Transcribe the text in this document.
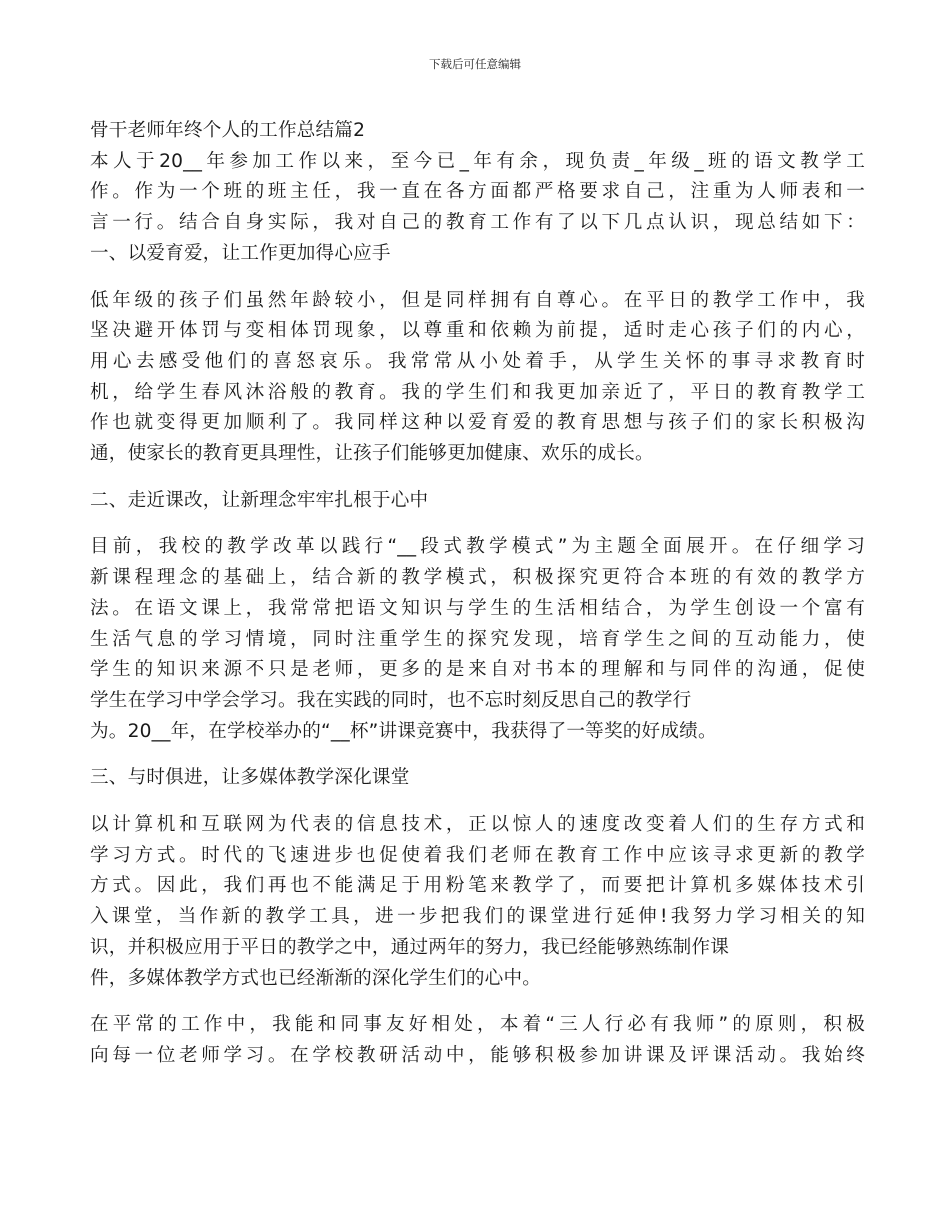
下载后可任意编辑
骨干老师年终个人的工作总结篇2
本人于20__年参加工作以来，至今已_年有余，现负责_年级_班的语文教学工
作。作为一个班的班主任，我一直在各方面都严格要求自己，注重为人师表和一
言一行。结合自身实际，我对自己的教育工作有了以下几点认识，现总结如下：
一、以爱育爱，让工作更加得心应手
低年级的孩子们虽然年龄较小，但是同样拥有自尊心。在平日的教学工作中，我
坚决避开体罚与变相体罚现象，以尊重和依赖为前提，适时走心孩子们的内心，
用心去感受他们的喜怒哀乐。我常常从小处着手，从学生关怀的事寻求教育时
机，给学生春风沐浴般的教育。我的学生们和我更加亲近了，平日的教育教学工
作也就变得更加顺利了。我同样这种以爱育爱的教育思想与孩子们的家长积极沟
通，使家长的教育更具理性，让孩子们能够更加健康、欢乐的成长。
二、走近课改，让新理念牢牢扎根于心中
目前，我校的教学改革以践行“__段式教学模式”为主题全面展开。在仔细学习
新课程理念的基础上，结合新的教学模式，积极探究更符合本班的有效的教学方
法。在语文课上，我常常把语文知识与学生的生活相结合，为学生创设一个富有
生活气息的学习情境，同时注重学生的探究发现，培育学生之间的互动能力，使
学生的知识来源不只是老师，更多的是来自对书本的理解和与同伴的沟通，促使
学生在学习中学会学习。我在实践的同时，也不忘时刻反思自己的教学行
为。20__年，在学校举办的“__杯”讲课竞赛中，我获得了一等奖的好成绩。
三、与时俱进，让多媒体教学深化课堂
以计算机和互联网为代表的信息技术，正以惊人的速度改变着人们的生存方式和
学习方式。时代的飞速进步也促使着我们老师在教育工作中应该寻求更新的教学
方式。因此，我们再也不能满足于用粉笔来教学了，而要把计算机多媒体技术引
入课堂，当作新的教学工具，进一步把我们的课堂进行延伸!我努力学习相关的知
识，并积极应用于平日的教学之中，通过两年的努力，我已经能够熟练制作课
件，多媒体教学方式也已经渐渐的深化学生们的心中。
在平常的工作中，我能和同事友好相处，本着“三人行必有我师”的原则，积极
向每一位老师学习。在学校教研活动中，能够积极参加讲课及评课活动。我始终
